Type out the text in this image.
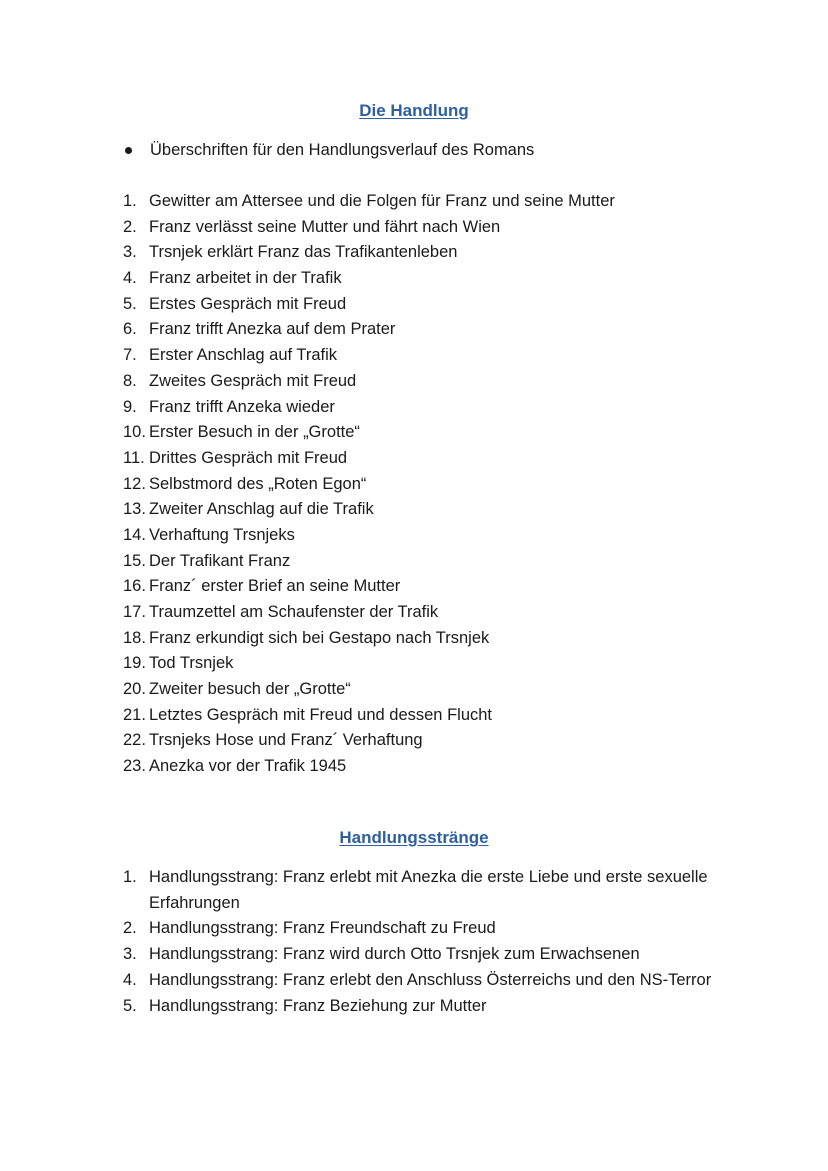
Die Handlung
Überschriften für den Handlungsverlauf des Romans
1. Gewitter am Attersee und die Folgen für Franz und seine Mutter
2. Franz verlässt seine Mutter und fährt nach Wien
3. Trsnjek erklärt Franz das Trafikantenleben
4. Franz arbeitet in der Trafik
5. Erstes Gespräch mit Freud
6. Franz trifft Anezka auf dem Prater
7. Erster Anschlag auf Trafik
8. Zweites Gespräch mit Freud
9. Franz trifft Anzeka wieder
10. Erster Besuch in der „Grotte“
11. Drittes Gespräch mit Freud
12. Selbstmord des „Roten Egon“
13. Zweiter Anschlag auf die Trafik
14. Verhaftung Trsnjeks
15. Der Trafikant Franz
16. Franz´ erster Brief an seine Mutter
17. Traumzettel am Schaufenster der Trafik
18. Franz erkundigt sich bei Gestapo nach Trsnjek
19. Tod Trsnjek
20. Zweiter besuch der „Grotte“
21. Letztes Gespräch mit Freud und dessen Flucht
22. Trsnjeks Hose und Franz´ Verhaftung
23. Anezka vor der Trafik 1945
Handlungsstränge
1. Handlungsstrang: Franz erlebt mit Anezka die erste Liebe und erste sexuelle Erfahrungen
2. Handlungsstrang: Franz Freundschaft zu Freud
3. Handlungsstrang: Franz wird durch Otto Trsnjek zum Erwachsenen
4. Handlungsstrang: Franz erlebt den Anschluss Österreichs und den NS-Terror
5. Handlungsstrang: Franz Beziehung zur Mutter
